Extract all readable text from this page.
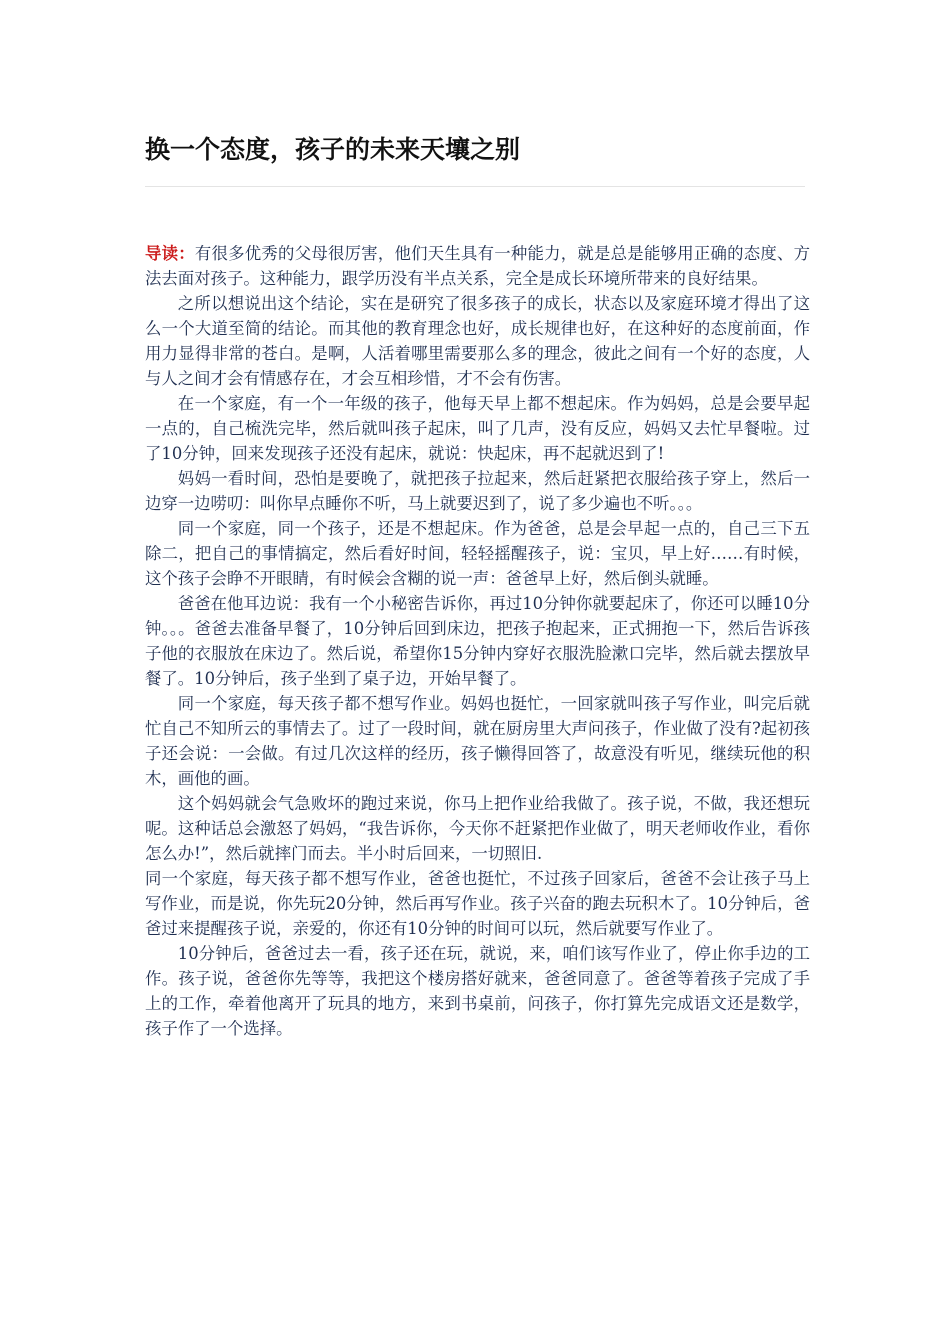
换一个态度，孩子的未来天壤之别

导读：有很多优秀的父母很厉害，他们天生具有一种能力，就是总是能够用正确的态度、方法去面对孩子。这种能力，跟学历没有半点关系，完全是成长环境所带来的良好结果。

之所以想说出这个结论，实在是研究了很多孩子的成长，状态以及家庭环境才得出了这么一个大道至简的结论。而其他的教育理念也好，成长规律也好，在这种好的态度前面，作用力显得非常的苍白。是啊，人活着哪里需要那么多的理念，彼此之间有一个好的态度，人与人之间才会有情感存在，才会互相珍惜，才不会有伤害。

在一个家庭，有一个一年级的孩子，他每天早上都不想起床。作为妈妈，总是会要早起一点的，自己梳洗完毕，然后就叫孩子起床，叫了几声，没有反应，妈妈又去忙早餐啦。过了10分钟，回来发现孩子还没有起床，就说：快起床，再不起就迟到了!

妈妈一看时间，恐怕是要晚了，就把孩子拉起来，然后赶紧把衣服给孩子穿上，然后一边穿一边唠叨：叫你早点睡你不听，马上就要迟到了，说了多少遍也不听。。。

同一个家庭，同一个孩子，还是不想起床。作为爸爸，总是会早起一点的，自己三下五除二，把自己的事情搞定，然后看好时间，轻轻摇醒孩子，说：宝贝，早上好……有时候，这个孩子会睁不开眼睛，有时候会含糊的说一声：爸爸早上好，然后倒头就睡。

爸爸在他耳边说：我有一个小秘密告诉你，再过10分钟你就要起床了，你还可以睡10分钟。。。爸爸去准备早餐了，10分钟后回到床边，把孩子抱起来，正式拥抱一下，然后告诉孩子他的衣服放在床边了。然后说，希望你15分钟内穿好衣服洗脸漱口完毕，然后就去摆放早餐了。10分钟后，孩子坐到了桌子边，开始早餐了。

同一个家庭，每天孩子都不想写作业。妈妈也挺忙，一回家就叫孩子写作业，叫完后就忙自己不知所云的事情去了。过了一段时间，就在厨房里大声问孩子，作业做了没有?起初孩子还会说：一会做。有过几次这样的经历，孩子懒得回答了，故意没有听见，继续玩他的积木，画他的画。

这个妈妈就会气急败坏的跑过来说，你马上把作业给我做了。孩子说，不做，我还想玩呢。这种话总会激怒了妈妈，“我告诉你，今天你不赶紧把作业做了，明天老师收作业，看你怎么办!”，然后就摔门而去。半小时后回来，一切照旧.

同一个家庭，每天孩子都不想写作业，爸爸也挺忙，不过孩子回家后，爸爸不会让孩子马上写作业，而是说，你先玩20分钟，然后再写作业。孩子兴奋的跑去玩积木了。10分钟后，爸爸过来提醒孩子说，亲爱的，你还有10分钟的时间可以玩，然后就要写作业了。

10分钟后，爸爸过去一看，孩子还在玩，就说，来，咱们该写作业了，停止你手边的工作。孩子说，爸爸你先等等，我把这个楼房搭好就来，爸爸同意了。爸爸等着孩子完成了手上的工作，牵着他离开了玩具的地方，来到书桌前，问孩子，你打算先完成语文还是数学，孩子作了一个选择。
